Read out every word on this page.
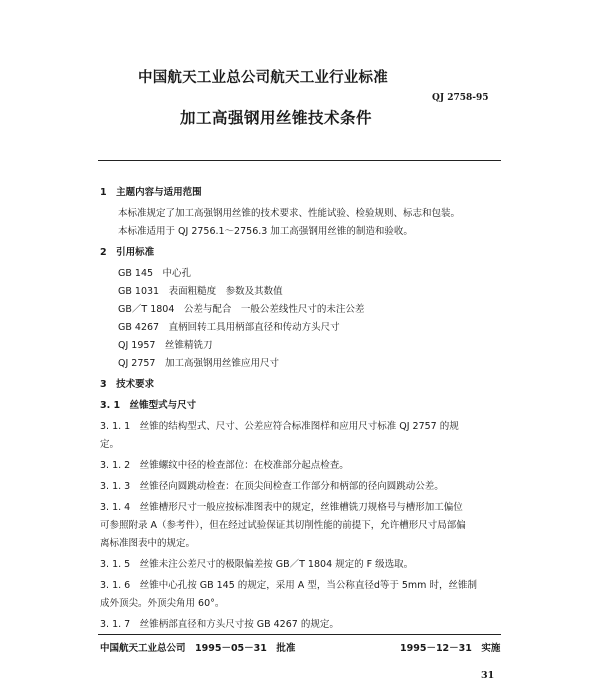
中国航天工业总公司航天工业行业标准
QJ 2758-95
加工高强钢用丝锥技术条件
1　主题内容与适用范围
本标准规定了加工高强钢用丝锥的技术要求、性能试验、检验规则、标志和包装。
本标准适用于 QJ 2756.1～2756.3 加工高强钢用丝锥的制造和验收。
2　引用标准
GB 145　中心孔
GB 1031　表面粗糙度　参数及其数值
GB／T 1804　公差与配合　一般公差线性尺寸的未注公差
GB 4267　直柄回转工具用柄部直径和传动方头尺寸
QJ 1957　丝锥精铣刀
QJ 2757　加工高强钢用丝锥应用尺寸
3　技术要求
3. 1　丝锥型式与尺寸
3. 1. 1　丝锥的结构型式、尺寸、公差应符合标准图样和应用尺寸标准 QJ 2757 的规
定。
3. 1. 2　丝锥螺纹中径的检查部位：在校准部分起点检查。
3. 1. 3　丝锥径向圆跳动检查：在顶尖间检查工作部分和柄部的径向圆跳动公差。
3. 1. 4　丝锥槽形尺寸一般应按标准图表中的规定，丝锥槽铣刀规格号与槽形加工偏位
可参照附录 A（参考件），但在经过试验保证其切削性能的前提下，允许槽形尺寸局部偏
离标准图表中的规定。
3. 1. 5　丝锥未注公差尺寸的极限偏差按 GB／T 1804 规定的 F 级选取。
3. 1. 6　丝锥中心孔按 GB 145 的规定，采用 A 型，当公称直径d等于 5mm 时，丝锥制
成外顶尖。外顶尖角用 60°。
3. 1. 7　丝锥柄部直径和方头尺寸按 GB 4267 的规定。
中国航天工业总公司　1995－05－31　批准	1995－12－31　实施
31
